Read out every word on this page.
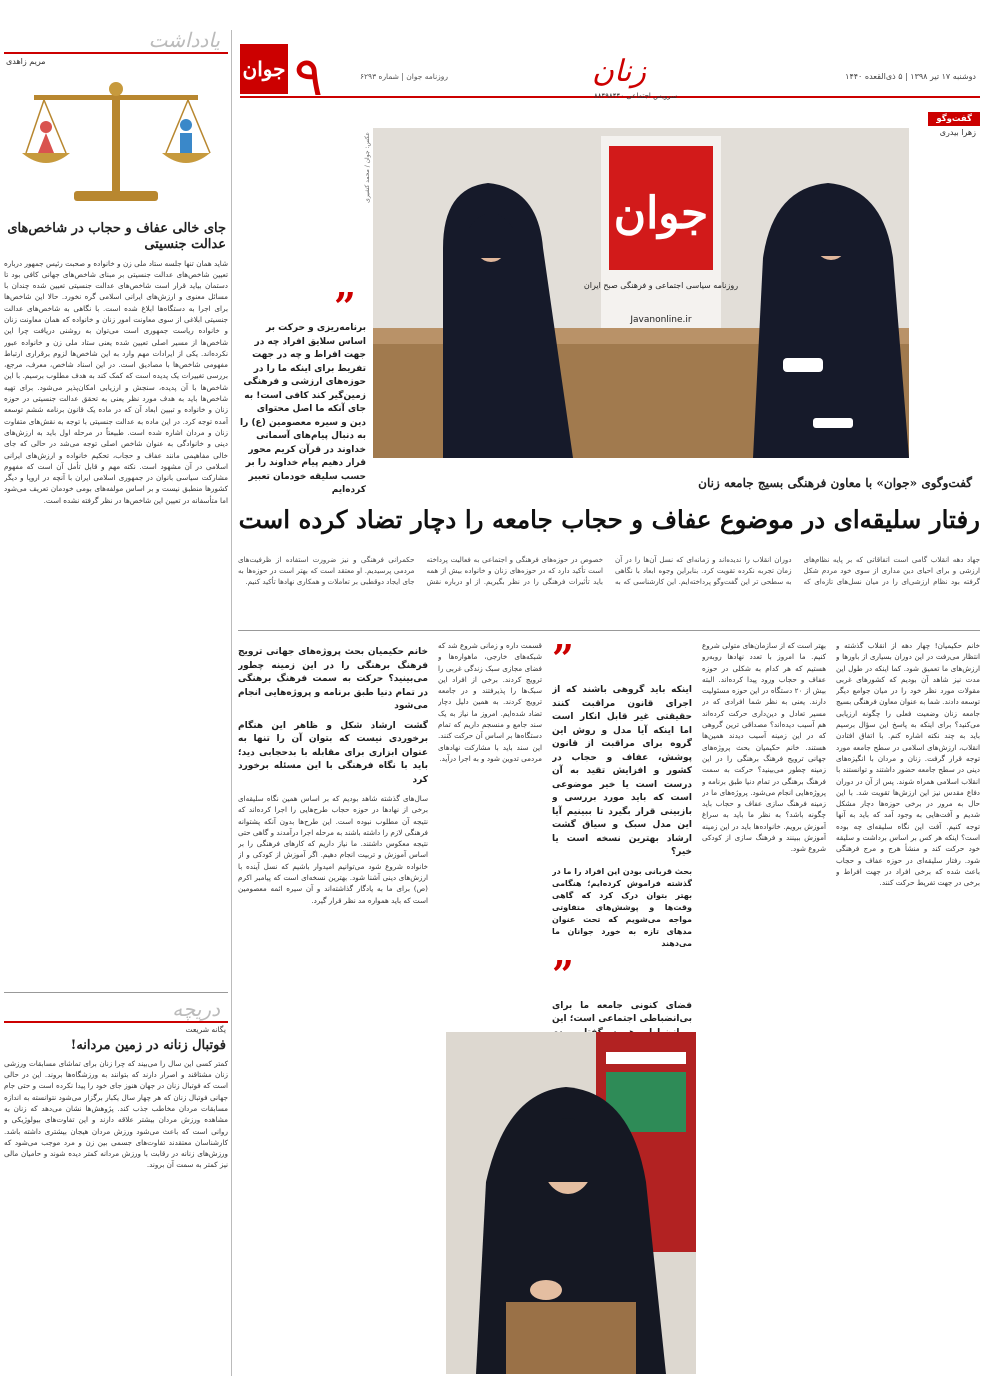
یادداشت
مریم زاهدی
جای خالی عفاف و حجاب در شاخص‌های عدالت جنسیتی
شاید همان تنها جلسه ستاد ملی زن و خانواده و صحبت رئیس جمهور درباره تعیین شاخص‌های عدالت جنسیتی بر مبنای شاخص‌های جهانی کافی بود تا دستمان بیاید قرار است شاخص‌های عدالت جنسیتی تعیین شده چندان با مسائل معنوی و ارزش‌های ایرانی اسلامی گره نخورد. حالا این شاخص‌ها برای اجرا به دستگاه‌ها ابلاغ شده است. با نگاهی به شاخص‌های عدالت جنسیتی ابلاغی از سوی معاونت امور زنان و خانواده که همان معاونت زنان و خانواده ریاست جمهوری است می‌توان به روشنی دریافت چرا این شاخص‌ها از مسیر اصلی تعیین شده یعنی ستاد ملی زن و خانواده عبور نکرده‌اند. یکی از ایرادات مهم وارد به این شاخص‌ها لزوم برقراری ارتباط مفهومی شاخص‌ها با مصادیق است. در این اسناد شاخص، معرف، مرجع، بررسی تغییرات یک پدیده است که کمک کند به هدف مطلوب برسیم. با این شاخص‌ها با آن پدیده، سنجش و ارزیابی امکان‌پذیر می‌شود. برای تهیه شاخص‌ها باید به هدف مورد نظر یعنی به تحقق عدالت جنسیتی در حوزه زنان و خانواده و تبیین ابعاد آن که در ماده یک قانون برنامه ششم توسعه آمده توجه کرد. در این ماده به عدالت جنسیتی با توجه به نقش‌های متفاوت زنان و مردان اشاره شده است. طبیعتاً در مرحله اول باید به ارزش‌های دینی و خانوادگی به عنوان شاخص اصلی توجه می‌شد در حالی که جای خالی مفاهیمی مانند عفاف و حجاب، تحکیم خانواده و ارزش‌های ایرانی اسلامی در آن مشهود است. نکته مهم و قابل تأمل آن است که مفهوم مشارکت سیاسی بانوان در جمهوری اسلامی ایران با آنچه در اروپا و دیگر کشورها منطبق نیست و بر اساس مولفه‌های بومی خودمان تعریف می‌شود اما متأسفانه در تعیین این شاخص‌ها در نظر گرفته نشده است.
دریچه
یگانه شریعت
فوتبال زنانه در زمین مردانه!
کمتر کسی این سال را می‌بیند که چرا زنان برای تماشای مسابقات ورزشی زنان مشتاقند و اصرار دارند که بتوانند به ورزشگاه‌ها بروند. این در حالی است که فوتبال زنان در جهان هنوز جای خود را پیدا نکرده است و حتی جام جهانی فوتبال زنان که هر چهار سال یکبار برگزار می‌شود نتوانسته به اندازه مسابقات مردان مخاطب جذب کند. پژوهش‌ها نشان می‌دهد که زنان به مشاهده ورزش مردان بیشتر علاقه دارند و این تفاوت‌های بیولوژیکی و روانی است که باعث می‌شود ورزش مردان هیجان بیشتری داشته باشد. کارشناسان معتقدند تفاوت‌های جسمی بین زن و مرد موجب می‌شود که ورزش‌های زنانه در رقابت با ورزش مردانه کمتر دیده شوند و حامیان مالی نیز کمتر به سمت آن بروند.
جوان ۹	روزنامه جوان | شماره ۶۲۹۳	زنان
سرویس اجتماعی ۸۸۴۹۸۴۴۰
دوشنبه ۱۷ تیر ۱۳۹۸ | ۵ ذی‌القعده ۱۴۴۰
گفت‌وگو
زهرا بیدری
عکس: جوان / محمد کشیری
جوان
روزنامه سیاسی اجتماعی و فرهنگی صبح ایران
Javanonline.ir
”
برنامه‌ریزی و حرکت بر اساس سلایق افراد چه در جهت افراط و چه در جهت تفریط برای اینکه ما را در حوزه‌های ارزشی و فرهنگی زمین‌گیر کند کافی است! به جای آنکه ما اصل محتوای دین و سیره معصومین (ع) را به دنبال پیام‌های آسمانی خداوند در قرآن کریم محور قرار دهیم پیام خداوند را بر حسب سلیقه خودمان تعبیر کرده‌ایم	گفت‌وگوی «جوان» با معاون فرهنگی بسیج جامعه زنان
رفتار سلیقه‌ای در موضوع عفاف و حجاب جامعه را دچار تضاد کرده است
جهاد دهه انقلاب گامی است اتفاقاتی که بر پایه نظام‌های ارزشی و برای احیای دین مداری از سوی خود مردم شکل گرفته بود نظام ارزشی‌ای را در میان نسل‌های تازه‌ای که دوران انقلاب را ندیده‌اند و زمانه‌ای که نسل آن‌ها را در آن زمان تجربه نکرده تقویت کرد. بنابراین وجوه ابعاد با نگاهی به سطحی تر این گفت‌وگو پرداخته‌ایم. این کارشناسی که به خصوص در حوزه‌های فرهنگی و اجتماعی به فعالیت پرداخته است تأکید دارد که در حوزه‌های زنان و خانواده بیش از همه باید تأثیرات فرهنگی را در نظر بگیریم. از او درباره نقش حکمرانی فرهنگی و نیز ضرورت استفاده از ظرفیت‌های مردمی پرسیدیم. او معتقد است که بهتر است در حوزه‌ها به جای ایجاد دوقطبی بر تعاملات و همکاری نهادها تأکید کنیم.
خانم حکیمیان! چهار دهه از انقلاب گذشته و انتظار می‌رفت در این دوران بسیاری از باورها و ارزش‌های ما تعمیق شود. کما اینکه در طول این مدت نیز شاهد آن بودیم که کشورهای غربی مقولات مورد نظر خود را در میان جوامع دیگر توسعه دادند. شما به عنوان معاون فرهنگی بسیج جامعه زنان وضعیت فعلی را چگونه ارزیابی می‌کنید؟ برای اینکه به پاسخ این سؤال برسیم باید به چند نکته اشاره کنم. با اتفاق افتادن انقلاب، ارزش‌های اسلامی در سطح جامعه مورد توجه قرار گرفت. زنان و مردان با انگیزه‌های دینی در سطح جامعه حضور داشتند و توانستند با انقلاب اسلامی همراه شوند. پس از آن در دوران دفاع مقدس نیز این ارزش‌ها تقویت شد. با این حال به مرور در برخی حوزه‌ها دچار مشکل شدیم و آفت‌هایی به وجود آمد که باید به آنها توجه کنیم. آفت این نگاه سلیقه‌ای چه بوده است؟ اینکه هر کس بر اساس برداشت و سلیقه خود حرکت کند و منشأ هرج و مرج فرهنگی شود. رفتار سلیقه‌ای در حوزه عفاف و حجاب باعث شده که برخی افراد در جهت افراط و برخی در جهت تفریط حرکت کنند.
بهتر است که از سازمان‌های متولی شروع کنیم. ما امروز با تعدد نهادها روبه‌رو هستیم که هر کدام به شکلی در حوزه عفاف و حجاب ورود پیدا کرده‌اند. البته بیش از ۲۰ دستگاه در این حوزه مسئولیت دارند. یعنی به نظر شما افرادی که در مسیر تعادل و دین‌داری حرکت کرده‌اند هم آسیب دیده‌اند؟ مصداقی ترین گروهی که در این زمینه آسیب دیدند همین‌ها هستند. خانم حکیمیان بحث پروژه‌های جهانی ترویج فرهنگ برهنگی را در این زمینه چطور می‌بینید؟ حرکت به سمت فرهنگ برهنگی در تمام دنیا طبق برنامه و پروژه‌هایی انجام می‌شود. پروژه‌های ما در زمینه فرهنگ سازی عفاف و حجاب باید چگونه باشد؟ به نظر ما باید به سراغ آموزش برویم. خانواده‌ها باید در این زمینه آموزش ببینند و فرهنگ سازی از کودکی شروع شود.
”
اینکه باید گروهی باشند که از اجرای قانون مراقبت کنند حقیقتی غیر قابل انکار است اما اینکه آیا مدل و روش این گروه برای مراقبت از قانون پوشش، عفاف و حجاب در کشور و افزایش تقید به آن درست است یا خیر موضوعی است که باید مورد بررسی و بازبینی قرار بگیرد تا ببینیم آیا این مدل سبک و سیاق گشت ارشاد بهترین نسخه است یا خیر؟
بحث قربانی بودن این افراد را ما در گذشته فراموش کرده‌ایم؛ هنگامی بهتر بتوان درک کرد که گاهی وقت‌ها و پوشش‌های متفاوتی مواجه می‌شویم که تحت عنوان مدهای تازه به خورد جوانان ما می‌دهند
”
فضای کنونی جامعه ما برای بی‌انضباطی اجتماعی است؛ این
قسمت داره و زمانی شروع شد که شبکه‌های خارجی، ماهواره‌ها و فضای مجازی سبک زندگی غربی را ترویج کردند. برخی از افراد این سبک‌ها را پذیرفتند و در جامعه ترویج کردند. به همین دلیل دچار تضاد شده‌ایم. امروز ما نیاز به یک سند جامع و منسجم داریم که تمام دستگاه‌ها بر اساس آن حرکت کنند. این سند باید با مشارکت نهادهای مردمی تدوین شود و به اجرا درآید.
خانم حکیمیان بحث پروژه‌های جهانی ترویج فرهنگ برهنگی را در این زمینه چطور می‌بینید؟ حرکت به سمت فرهنگ برهنگی در تمام دنیا طبق برنامه و پروژه‌هایی انجام می‌شود
گشت ارشاد شکل و ظاهر این هنگام برخوردی نیست که بتوان آن را تنها به عنوان ابزاری برای مقابله با بدحجابی دید؛ باید با نگاه فرهنگی با این مسئله برخورد کرد
سال‌های گذشته شاهد بودیم که بر اساس همین نگاه سلیقه‌ای برخی از نهادها در حوزه حجاب طرح‌هایی را اجرا کرده‌اند که نتیجه آن مطلوب نبوده است. این طرح‌ها بدون آنکه پشتوانه فرهنگی لازم را داشته باشند به مرحله اجرا درآمدند و گاهی حتی نتیجه معکوس داشتند. ما نیاز داریم که کارهای فرهنگی را بر اساس آموزش و تربیت انجام دهیم. اگر آموزش از کودکی و از خانواده شروع شود می‌توانیم امیدوار باشیم که نسل آینده با ارزش‌های دینی آشنا شود. بهترین نسخه‌ای است که پیامبر اکرم (ص) برای ما به یادگار گذاشته‌اند و آن سیره ائمه معصومین است که باید همواره مد نظر قرار گیرد.
